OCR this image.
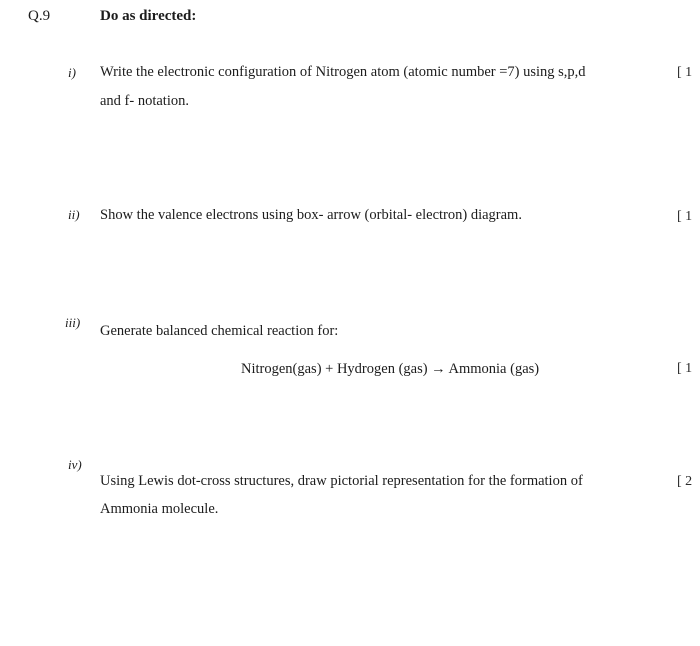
Q.9	Do as directed:
i) Write the electronic configuration of Nitrogen atom (atomic number =7) using s,p,d
and f- notation.
[ 1
ii) Show the valence electrons using box- arrow (orbital- electron) diagram.	[ 1
iii)
Generate balanced chemical reaction for:
Nitrogen(gas) + Hydrogen (gas) → Ammonia (gas)	[ 1
iv)
Using Lewis dot-cross structures, draw pictorial representation for the formation of
Ammonia molecule.
[ 2
